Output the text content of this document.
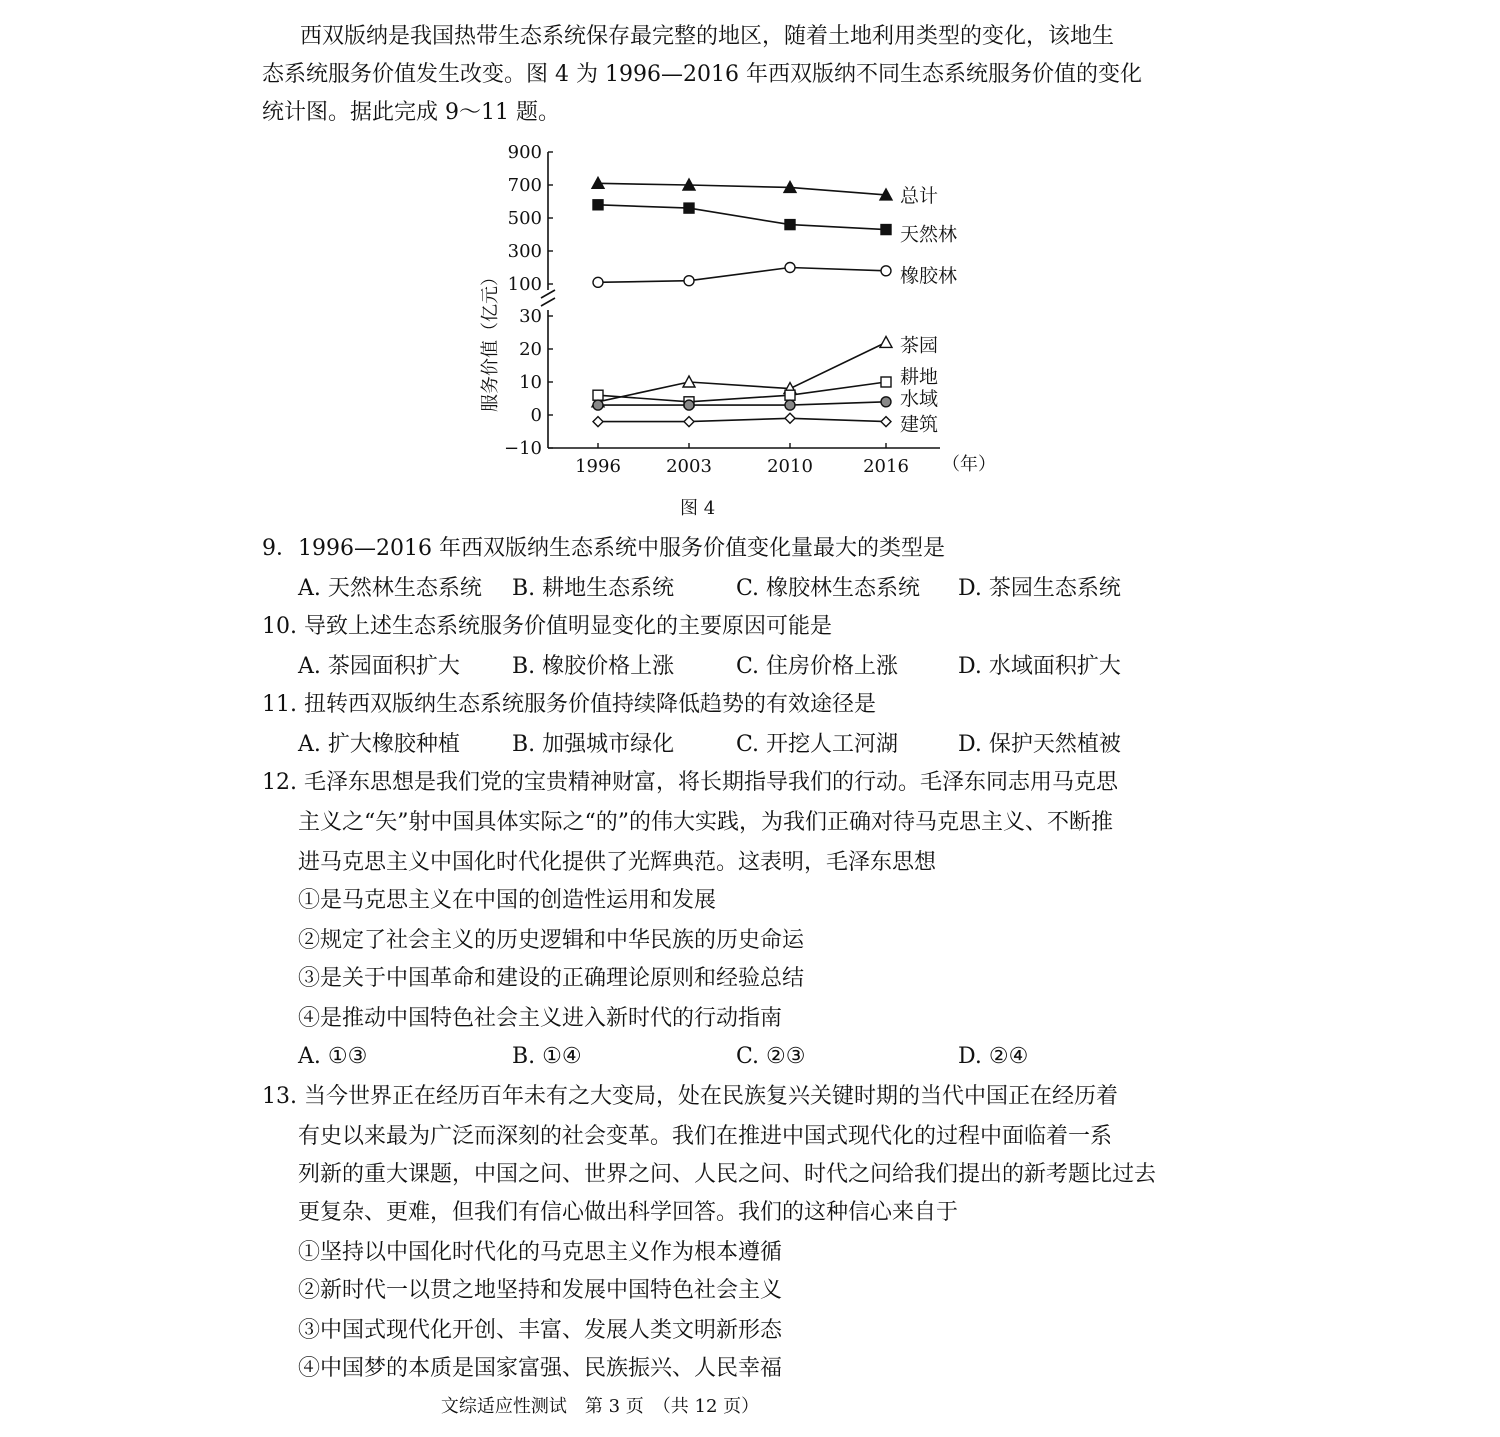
西双版纳是我国热带生态系统保存最完整的地区，随着土地利用类型的变化，该地生
态系统服务价值发生改变。图 4 为 1996—2016 年西双版纳不同生态系统服务价值的变化
统计图。据此完成 9～11 题。
900
700
500
300
100
30
20
10
0
−10
1996	2003	2010	2016 （年）
总计
天然林
橡胶林
茶园
耕地
水域
建筑
服务价值（亿元）
图 4
9．1996—2016 年西双版纳生态系统中服务价值变化量最大的类型是
A. 天然林生态系统 B. 耕地生态系统	C. 橡胶林生态系统 D. 茶园生态系统
10. 导致上述生态系统服务价值明显变化的主要原因可能是
A. 茶园面积扩大 B. 橡胶价格上涨	C. 住房价格上涨	D. 水域面积扩大
11. 扭转西双版纳生态系统服务价值持续降低趋势的有效途径是
A. 扩大橡胶种植 B. 加强城市绿化	C. 开挖人工河湖	D. 保护天然植被
12. 毛泽东思想是我们党的宝贵精神财富，将长期指导我们的行动。毛泽东同志用马克思
主义之“矢”射中国具体实际之“的”的伟大实践，为我们正确对待马克思主义、不断推
进马克思主义中国化时代化提供了光辉典范。这表明，毛泽东思想
①是马克思主义在中国的创造性运用和发展
②规定了社会主义的历史逻辑和中华民族的历史命运
③是关于中国革命和建设的正确理论原则和经验总结
④是推动中国特色社会主义进入新时代的行动指南
A. ①③	B. ①④	C. ②③	D. ②④
13. 当今世界正在经历百年未有之大变局，处在民族复兴关键时期的当代中国正在经历着
有史以来最为广泛而深刻的社会变革。我们在推进中国式现代化的过程中面临着一系
列新的重大课题，中国之问、世界之问、人民之问、时代之问给我们提出的新考题比过去
更复杂、更难，但我们有信心做出科学回答。我们的这种信心来自于
①坚持以中国化时代化的马克思主义作为根本遵循
②新时代一以贯之地坚持和发展中国特色社会主义
③中国式现代化开创、丰富、发展人类文明新形态
④中国梦的本质是国家富强、民族振兴、人民幸福
文综适应性测试　第 3 页　（共 12 页）
